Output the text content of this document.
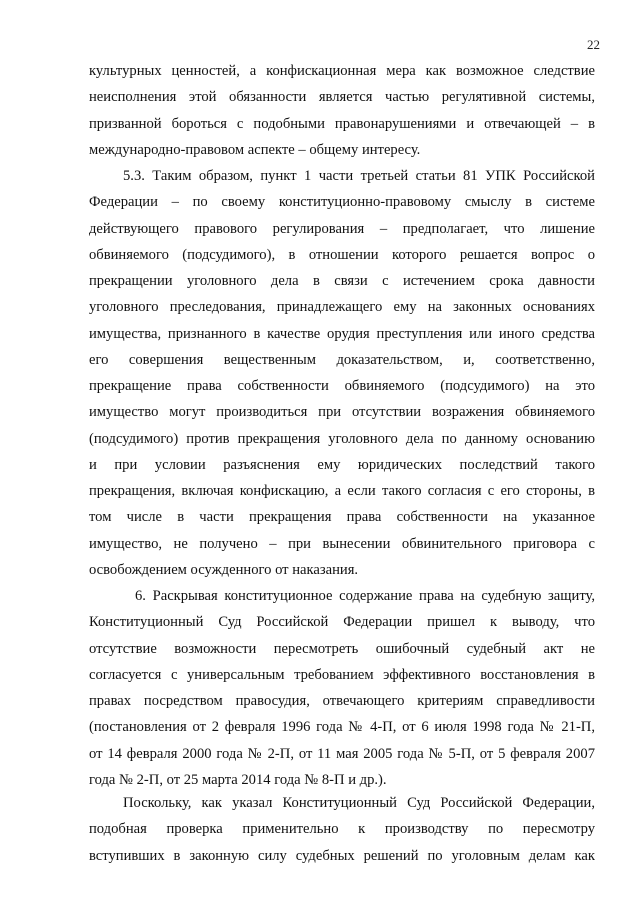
22
культурных ценностей, а конфискационная мера как возможное следствие
неисполнения этой обязанности является частью регулятивной системы,
призванной бороться с подобными правонарушениями и отвечающей – в
международно-правовом аспекте – общему интересу.
5.3. Таким образом, пункт 1 части третьей статьи 81 УПК Российской
Федерации – по своему конституционно-правовому смыслу в системе
действующего правового регулирования – предполагает, что лишение
обвиняемого (подсудимого), в отношении которого решается вопрос о
прекращении уголовного дела в связи с истечением срока давности
уголовного преследования, принадлежащего ему на законных основаниях
имущества, признанного в качестве орудия преступления или иного средства
его совершения вещественным доказательством, и, соответственно,
прекращение права собственности обвиняемого (подсудимого) на это
имущество могут производиться при отсутствии возражения обвиняемого
(подсудимого) против прекращения уголовного дела по данному основанию
и при условии разъяснения ему юридических последствий такого
прекращения, включая конфискацию, а если такого согласия с его стороны, в
том числе в части прекращения права собственности на указанное
имущество, не получено – при вынесении обвинительного приговора с
освобождением осужденного от наказания.
6. Раскрывая конституционное содержание права на судебную защиту,
Конституционный Суд Российской Федерации пришел к выводу, что
отсутствие возможности пересмотреть ошибочный судебный акт не
согласуется с универсальным требованием эффективного восстановления в
правах посредством правосудия, отвечающего критериям справедливости
(постановления от 2 февраля 1996 года № 4-П, от 6 июля 1998 года № 21-П,
от 14 февраля 2000 года № 2-П, от 11 мая 2005 года № 5-П, от 5 февраля 2007
года № 2-П, от 25 марта 2014 года № 8-П и др.).
Поскольку, как указал Конституционный Суд Российской Федерации,
подобная проверка применительно к производству по пересмотру
вступивших в законную силу судебных решений по уголовным делам как
